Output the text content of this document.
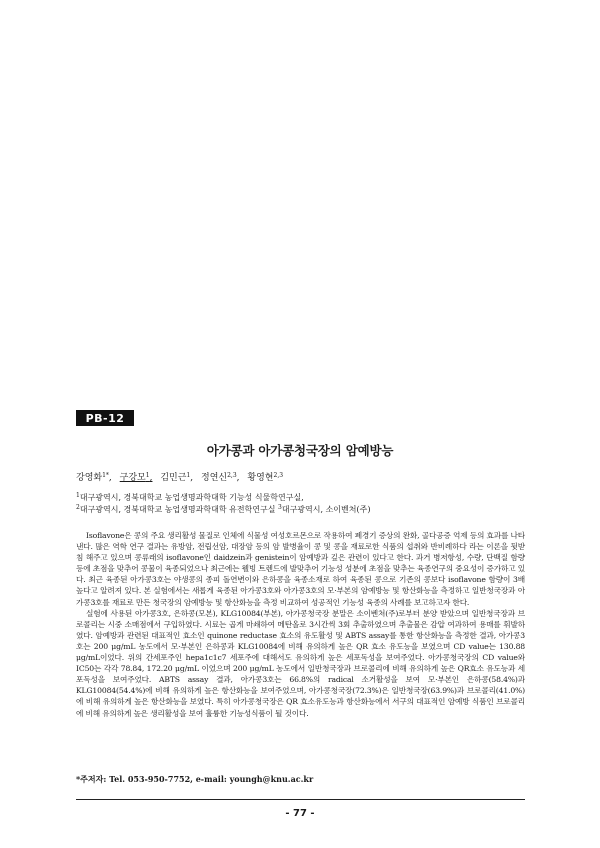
PB-12
아가콩과 아가콩청국장의 암예방능
강영화$^{1*}$, 구강모$^1$, 김민근$^1$, 정연신$^{2,3}$, 황영현$^{2,3}$
$^1$대구광역시, 경북대학교 농업생명과학대학 기능성 식물학연구실,
$^2$대구광역시, 경북대학교 농업생명과학대학 유전학연구실 $^3$대구광역시, 소이벤처(주)

Isoflavone은 콩의 주요 생리활성 물질로 인체에 식물성 여성호르몬으로 작용하여 폐경기 증상의 완화, 골다공증 억제 등의 효과를 나타낸다. 많은 역학 연구 결과는 유방암, 전립선암, 대장암 등의 암 발병율이 콩 및 콩을 재료로한 식품의 섭취와 반비례하다 라는 이론을 뒷받침 해주고 있으며 콩류래의 isoflavone인 daidzein과 genistein이 암예방과 깊은 관련이 있다고 한다. 과거 병저항성, 수량, 단백질 함량 등에 초점을 맞추어 콩물이 육종되었으나 최근에는 웰빙 트렌드에 발맞추어 기능성 성분에 초점을 맞추는 육종연구의 중요성이 증가하고 있다. 최근 육종된 아가콩3호는 야생콩의 종피 돌연변이와 은하콩을 육종소재로 하여 육종된 콩으로 기존의 콩보다 isoflavone 함량이 3배 높다고 알려져 있다. 본 실험에서는 새롭게 육종된 아가콩3호와 아가콩3호의 모·부본의 암예방능 및 항산화능을 측정하고 일반청국장과 아가콩3호를 재료로 만든 청국장의 암예방능 및 항산화능을 측정 비교하여 성공적인 기능성 육종의 사례를 보고하고자 한다.

실험에 사용된 아가콩3호, 은하콩(모본), KLG10084(부본), 아가콩청국장 분말은 소이벤쳐(주)로부터 분양 받았으며 일반청국장과 브로콜리는 시중 소매점에서 구입하였다. 시료는 곱게 마쇄하여 메탄올로 3시간씩 3회 추출하였으며 추출물은 감압 여과하여 용매를 휘발하였다. 암예방과 관련된 대표적인 효소인 quinone reductase 효소의 유도활성 및 ABTS assay를 통한 항산화능을 측정한 결과, 아가콩3호는 200 μg/mL 농도에서 모·부본인 은하콩과 KLG10084에 비해 유의하게 높은 QR 효소 유도능을 보였으며 CD value는 130.88 μg/mL이었다. 위의 간세포주인 hepa1c1c7 세포주에 대해서도 유의하게 높은 세포독성을 보여주었다. 아가콩청국장의 CD value와 IC50는 각각 78.84, 172.20 μg/mL 이었으며 200 μg/mL 농도에서 일반청국장과 브로콜리에 비해 유의하게 높은 QR효소 유도능과 세포독성을 보여주었다. ABTS assay 결과, 아가콩3호는 66.8%의 radical 소거활성을 보여 모·부본인 은하콩(58.4%)과 KLG10084(54.4%)에 비해 유의하게 높은 항산화능을 보여주었으며, 아가콩청국장(72.3%)은 일반청국장(63.9%)과 브로콜리(41.0%)에 비해 유의하게 높은 항산화능을 보였다. 특히 아가콩청국장은 QR 효소유도능과 항산화능에서 서구의 대표적인 암예방 식품인 브로콜리에 비해 유의하게 높은 생리활성을 보여 훌륭한 기능성식품이 될 것이다.

*주저자: Tel. 053-950-7752, e-mail: youngh@knu.ac.kr
- 77 -
